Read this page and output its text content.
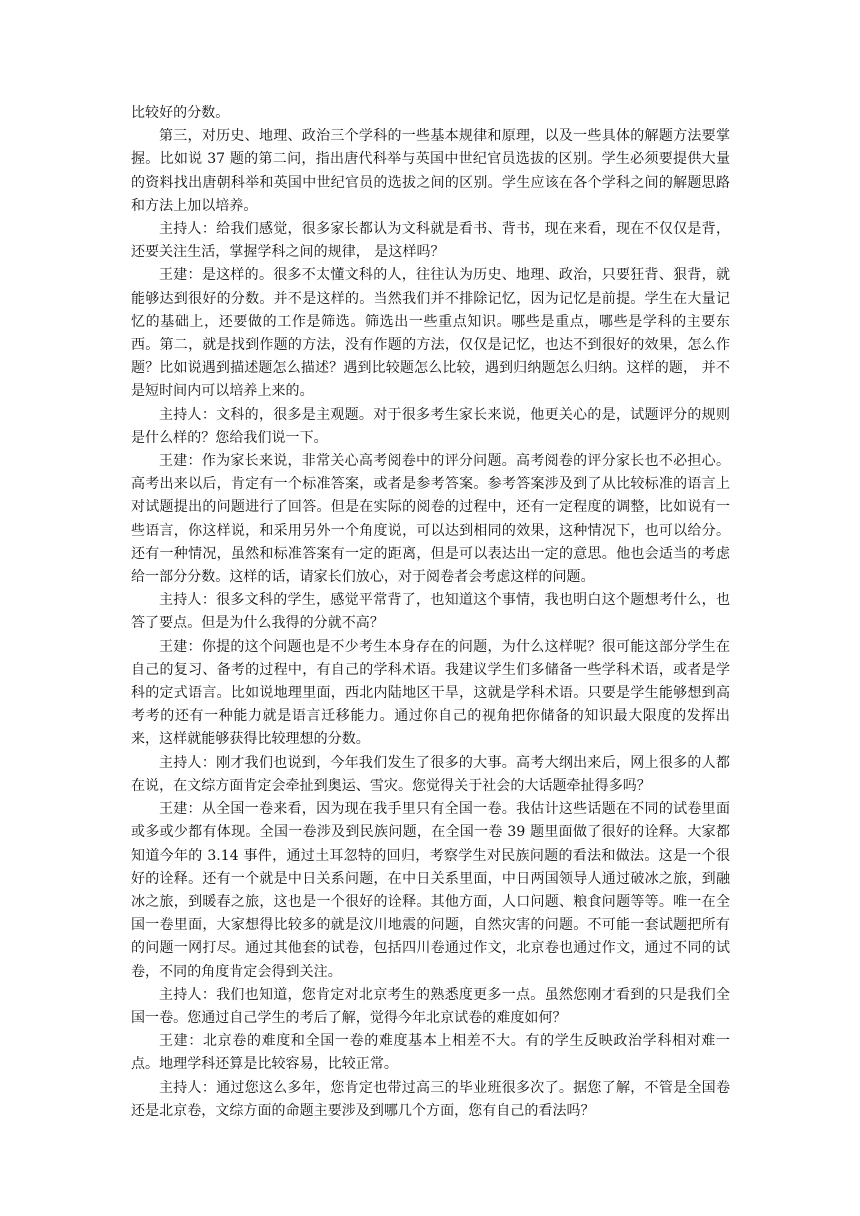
比较好的分数。

第三，对历史、地理、政治三个学科的一些基本规律和原理，以及一些具体的解题方法要掌握。比如说 37 题的第二问，指出唐代科举与英国中世纪官员选拔的区别。学生必须要提供大量的资料找出唐朝科举和英国中世纪官员的选拔之间的区别。学生应该在各个学科之间的解题思路和方法上加以培养。

主持人：给我们感觉，很多家长都认为文科就是看书、背书，现在来看，现在不仅仅是背，还要关注生活，掌握学科之间的规律， 是这样吗？

王建：是这样的。很多不太懂文科的人，往往认为历史、地理、政治，只要狂背、狠背，就能够达到很好的分数。并不是这样的。当然我们并不排除记忆，因为记忆是前提。学生在大量记忆的基础上，还要做的工作是筛选。筛选出一些重点知识。哪些是重点，哪些是学科的主要东西。第二，就是找到作题的方法，没有作题的方法，仅仅是记忆，也达不到很好的效果，怎么作题？比如说遇到描述题怎么描述？遇到比较题怎么比较，遇到归纳题怎么归纳。这样的题， 并不是短时间内可以培养上来的。

主持人：文科的，很多是主观题。对于很多考生家长来说，他更关心的是，试题评分的规则是什么样的？您给我们说一下。

王建：作为家长来说，非常关心高考阅卷中的评分问题。高考阅卷的评分家长也不必担心。高考出来以后，肯定有一个标准答案，或者是参考答案。参考答案涉及到了从比较标准的语言上对试题提出的问题进行了回答。但是在实际的阅卷的过程中，还有一定程度的调整，比如说有一些语言，你这样说，和采用另外一个角度说，可以达到相同的效果，这种情况下，也可以给分。还有一种情况，虽然和标准答案有一定的距离，但是可以表达出一定的意思。他也会适当的考虑给一部分分数。这样的话，请家长们放心，对于阅卷者会考虑这样的问题。

主持人：很多文科的学生，感觉平常背了，也知道这个事情，我也明白这个题想考什么，也答了要点。但是为什么我得的分就不高？

王建：你提的这个问题也是不少考生本身存在的问题，为什么这样呢？很可能这部分学生在自己的复习、备考的过程中，有自己的学科术语。我建议学生们多储备一些学科术语，或者是学科的定式语言。比如说地理里面，西北内陆地区干旱，这就是学科术语。只要是学生能够想到高考考的还有一种能力就是语言迁移能力。通过你自己的视角把你储备的知识最大限度的发挥出来，这样就能够获得比较理想的分数。

主持人：刚才我们也说到，今年我们发生了很多的大事。高考大纲出来后，网上很多的人都在说，在文综方面肯定会牵扯到奥运、雪灾。您觉得关于社会的大话题牵扯得多吗？

王建：从全国一卷来看，因为现在我手里只有全国一卷。我估计这些话题在不同的试卷里面或多或少都有体现。全国一卷涉及到民族问题，在全国一卷 39 题里面做了很好的诠释。大家都知道今年的 3.14 事件，通过土耳忽特的回归，考察学生对民族问题的看法和做法。这是一个很好的诠释。还有一个就是中日关系问题，在中日关系里面，中日两国领导人通过破冰之旅，到融冰之旅，到暖春之旅，这也是一个很好的诠释。其他方面，人口问题、粮食问题等等。唯一在全国一卷里面，大家想得比较多的就是汶川地震的问题，自然灾害的问题。不可能一套试题把所有的问题一网打尽。通过其他套的试卷，包括四川卷通过作文，北京卷也通过作文，通过不同的试卷，不同的角度肯定会得到关注。

主持人：我们也知道，您肯定对北京考生的熟悉度更多一点。虽然您刚才看到的只是我们全国一卷。您通过自己学生的考后了解，觉得今年北京试卷的难度如何？

王建：北京卷的难度和全国一卷的难度基本上相差不大。有的学生反映政治学科相对难一点。地理学科还算是比较容易，比较正常。

主持人：通过您这么多年，您肯定也带过高三的毕业班很多次了。据您了解，不管是全国卷还是北京卷，文综方面的命题主要涉及到哪几个方面，您有自己的看法吗？
